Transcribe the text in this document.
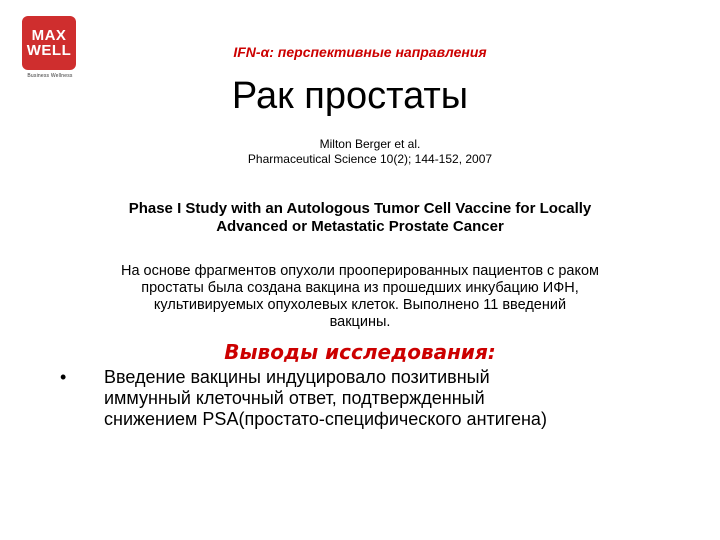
MAX
WELL
Business Wellness
IFN-α: перспективные направления
Рак простаты
Milton Berger et al.
Pharmaceutical Science 10(2); 144-152, 2007
Phase I Study with an Autologous Tumor Cell Vaccine for Locally
Advanced or Metastatic Prostate Cancer
На основе фрагментов опухоли прооперированных пациентов с раком
простаты была создана вакцина из прошедших инкубацию ИФН,
культивируемых опухолевых клеток. Выполнено 11 введений
вакцины.
Выводы исследования:
• Введение вакцины индуцировало позитивный
иммунный клеточный ответ, подтвержденный
снижением PSA(простато-специфического антигена)
